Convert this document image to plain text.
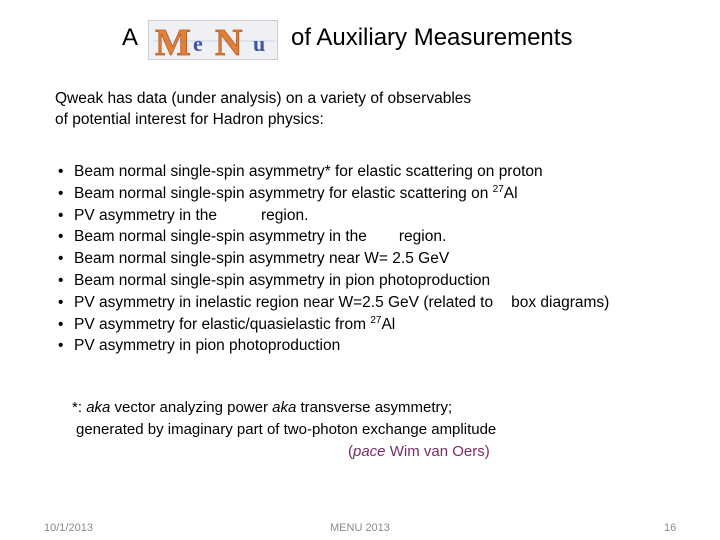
A M e N u of Auxiliary Measurements
Qweak has data (under analysis) on a variety of observables
of potential interest for Hadron physics:
• Beam normal single-spin asymmetry* for elastic scattering on proton
• Beam normal single-spin asymmetry for elastic scattering on $^{27}$Al
• PV asymmetry in the	region.
• Beam normal single-spin asymmetry in the region.
• Beam normal single-spin asymmetry near W= 2.5 GeV
• Beam normal single-spin asymmetry in pion photoproduction
• PV asymmetry in inelastic region near W=2.5 GeV (related to box diagrams)
• PV asymmetry for elastic/quasielastic from $^{27}$Al
• PV asymmetry in pion photoproduction
*: aka vector analyzing power aka transverse asymmetry;
generated by imaginary part of two-photon exchange amplitude
(pace Wim van Oers)
10/1/2013	MENU 2013	16
